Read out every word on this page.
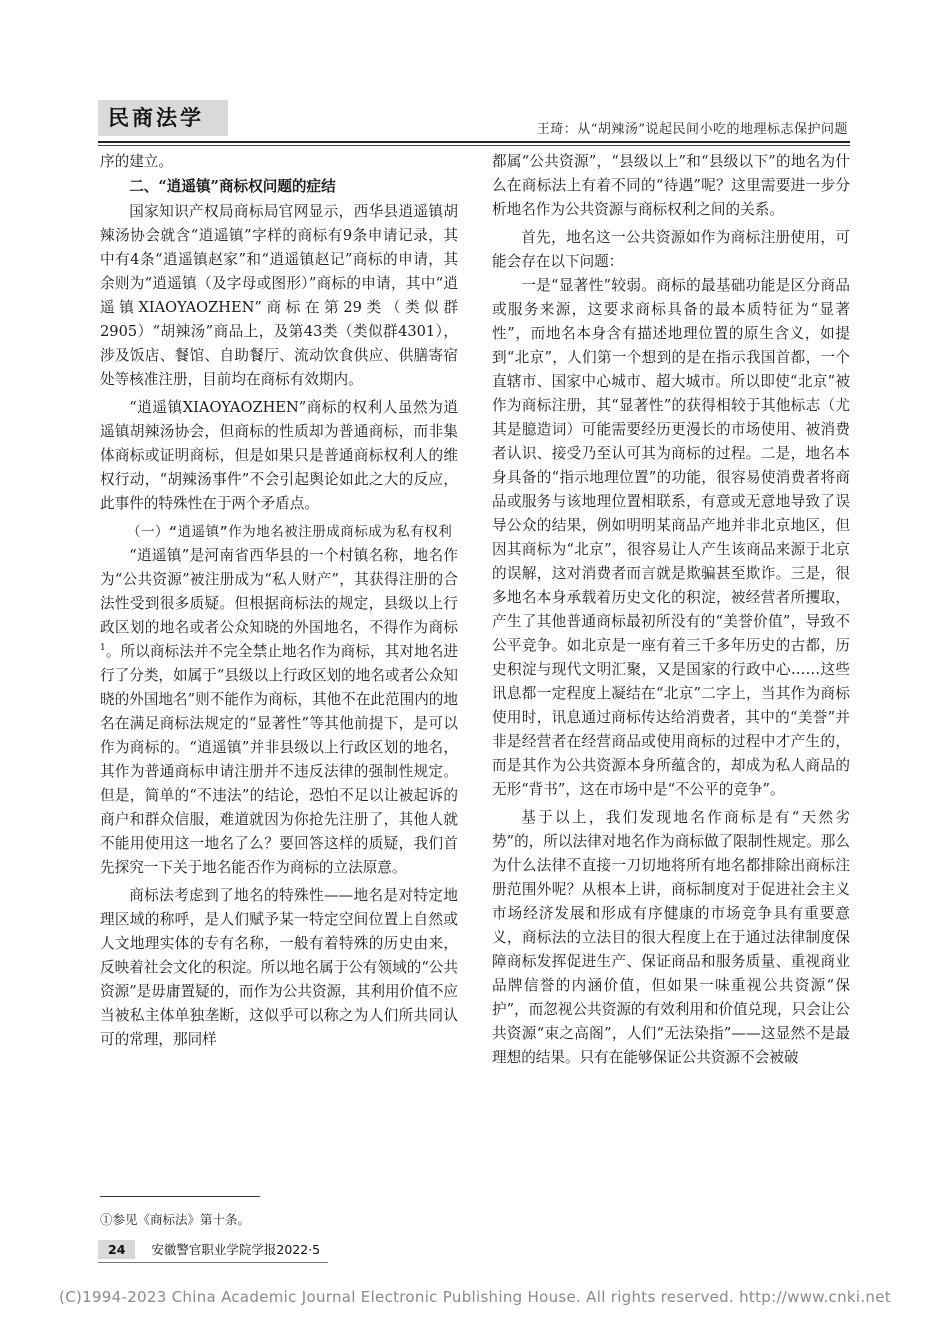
民商法学	王琦：从“胡辣汤”说起民间小吃的地理标志保护问题

序的建立。

二、“逍遥镇”商标权问题的症结

国家知识产权局商标局官网显示，西华县逍遥镇胡辣汤协会就含“逍遥镇”字样的商标有9条申请记录，其中有4条“逍遥镇赵家”和“逍遥镇赵记”商标的申请，其余则为“逍遥镇（及字母或图形）”商标的申请，其中“逍遥镇XIAOYAOZHEN”商标在第29类（类似群2905）“胡辣汤”商品上，及第43类（类似群4301），涉及饭店、餐馆、自助餐厅、流动饮食供应、供膳寄宿处等核准注册，目前均在商标有效期内。

“逍遥镇XIAOYAOZHEN”商标的权利人虽然为逍遥镇胡辣汤协会，但商标的性质却为普通商标，而非集体商标或证明商标，但是如果只是普通商标权利人的维权行动，“胡辣汤事件”不会引起舆论如此之大的反应，此事件的特殊性在于两个矛盾点。

（一）“逍遥镇”作为地名被注册成商标成为私有权利

“逍遥镇”是河南省西华县的一个村镇名称，地名作为“公共资源”被注册成为“私人财产”，其获得注册的合法性受到很多质疑。但根据商标法的规定，县级以上行政区划的地名或者公众知晓的外国地名，不得作为商标$^1$。所以商标法并不完全禁止地名作为商标，其对地名进行了分类，如属于“县级以上行政区划的地名或者公众知晓的外国地名”则不能作为商标，其他不在此范围内的地名在满足商标法规定的“显著性”等其他前提下，是可以作为商标的。“逍遥镇”并非县级以上行政区划的地名，其作为普通商标申请注册并不违反法律的强制性规定。但是，简单的“不违法”的结论，恐怕不足以让被起诉的商户和群众信服，难道就因为你抢先注册了，其他人就不能用使用这一地名了么？要回答这样的质疑，我们首先探究一下关于地名能否作为商标的立法原意。

商标法考虑到了地名的特殊性——地名是对特定地理区域的称呼，是人们赋予某一特定空间位置上自然或人文地理实体的专有名称，一般有着特殊的历史由来，反映着社会文化的积淀。所以地名属于公有领域的“公共资源”是毋庸置疑的，而作为公共资源，其利用价值不应当被私主体单独垄断，这似乎可以称之为人们所共同认可的常理，那同样

都属“公共资源”，“县级以上”和“县级以下”的地名为什么在商标法上有着不同的“待遇”呢？这里需要进一步分析地名作为公共资源与商标权利之间的关系。

首先，地名这一公共资源如作为商标注册使用，可能会存在以下问题：

一是“显著性”较弱。商标的最基础功能是区分商品或服务来源，这要求商标具备的最本质特征为“显著性”，而地名本身含有描述地理位置的原生含义，如提到“北京”，人们第一个想到的是在指示我国首都，一个直辖市、国家中心城市、超大城市。所以即使“北京”被作为商标注册，其“显著性”的获得相较于其他标志（尤其是臆造词）可能需要经历更漫长的市场使用、被消费者认识、接受乃至认可其为商标的过程。二是，地名本身具备的“指示地理位置”的功能，很容易使消费者将商品或服务与该地理位置相联系，有意或无意地导致了误导公众的结果，例如明明某商品产地并非北京地区，但因其商标为“北京”，很容易让人产生该商品来源于北京的误解，这对消费者而言就是欺骗甚至欺诈。三是，很多地名本身承载着历史文化的积淀，被经营者所攫取，产生了其他普通商标最初所没有的“美誉价值”，导致不公平竞争。如北京是一座有着三千多年历史的古都，历史积淀与现代文明汇聚，又是国家的行政中心……这些讯息都一定程度上凝结在“北京”二字上，当其作为商标使用时，讯息通过商标传达给消费者，其中的“美誉”并非是经营者在经营商品或使用商标的过程中才产生的，而是其作为公共资源本身所蕴含的，却成为私人商品的无形“背书”，这在市场中是“不公平的竞争”。

基于以上，我们发现地名作商标是有“天然劣势”的，所以法律对地名作为商标做了限制性规定。那么为什么法律不直接一刀切地将所有地名都排除出商标注册范围外呢？从根本上讲，商标制度对于促进社会主义市场经济发展和形成有序健康的市场竞争具有重要意义，商标法的立法目的很大程度上在于通过法律制度保障商标发挥促进生产、保证商品和服务质量、重视商业品牌信誉的内涵价值，但如果一味重视公共资源“保护”，而忽视公共资源的有效利用和价值兑现，只会让公共资源“束之高阁”，人们“无法染指”——这显然不是最理想的结果。只有在能够保证公共资源不会被破

①参见《商标法》第十条。
24 安徽警官职业学院学报2022·5
(C)1994-2023 China Academic Journal Electronic Publishing House. All rights reserved. http://www.cnki.net
